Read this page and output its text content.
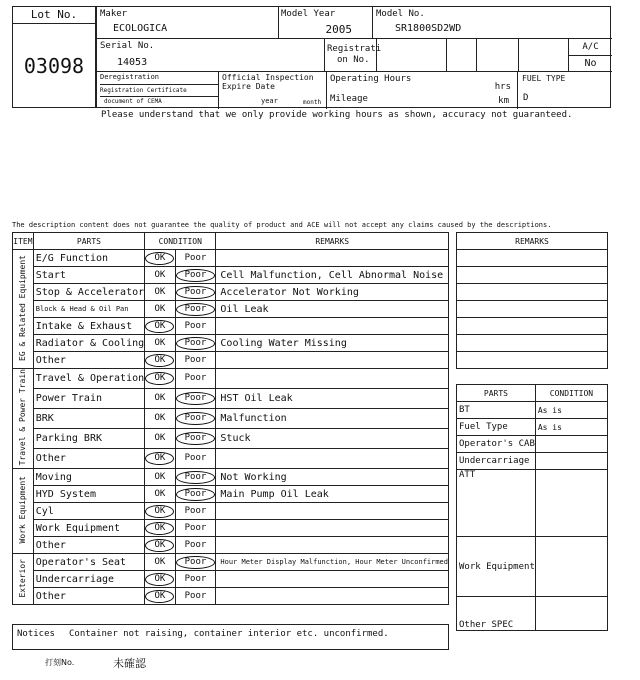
Lot No.
03098
Maker
ECOLOGICA
Model Year
2005
Model No.
SR1800SD2WD
Serial No.
14053
Registrati
on No.
A/C
No
Deregistration
Registration Certificate
document of CEMA
Official Inspection
Expire Date
year	month
Operating Hours
hrs
Mileage	km
FUEL TYPE
D
Please understand that we only provide working hours as shown, accuracy not guaranteed.
The description content does not guarantee the quality of product and ACE will not accept any claims caused by the descriptions.
ITEM	PARTS	CONDITION		REMARKS
EG & Related Equipment	E/G Function	OK	Poor	
	Start	OK	Poor	Cell Malfunction, Cell Abnormal Noise
	Stop & Accelerator	OK	Poor	Accelerator Not Working
	Block & Head & Oil Pan	OK	Poor	Oil Leak
	Intake & Exhaust	OK	Poor	
	Radiator & Cooling	OK	Poor	Cooling Water Missing
	Other	OK	Poor	
Travel & Power Train	Travel & Operation	OK	Poor	
	Power Train	OK	Poor	HST Oil Leak
	BRK	OK	Poor	Malfunction
	Parking BRK	OK	Poor	Stuck
	Other	OK	Poor	
Work Equipment	Moving	OK	Poor	Not Working
	HYD System	OK	Poor	Main Pump Oil Leak
	Cyl	OK	Poor	
	Work Equipment	OK	Poor	
	Other	OK	Poor	
Exterior	Operator's Seat	OK	Poor	Hour Meter Display Malfunction, Hour Meter Unconfirmed
	Undercarriage	OK	Poor	
	Other	OK	Poor	
REMARKS

PARTS	CONDITION
BT	As is
Fuel Type	As is
Operator's CAB	
Undercarriage	
ATT	
Work Equipment	
Other SPEC	
Notices Container not raising, container interior etc. unconfirmed.
打刻No.	未確認
